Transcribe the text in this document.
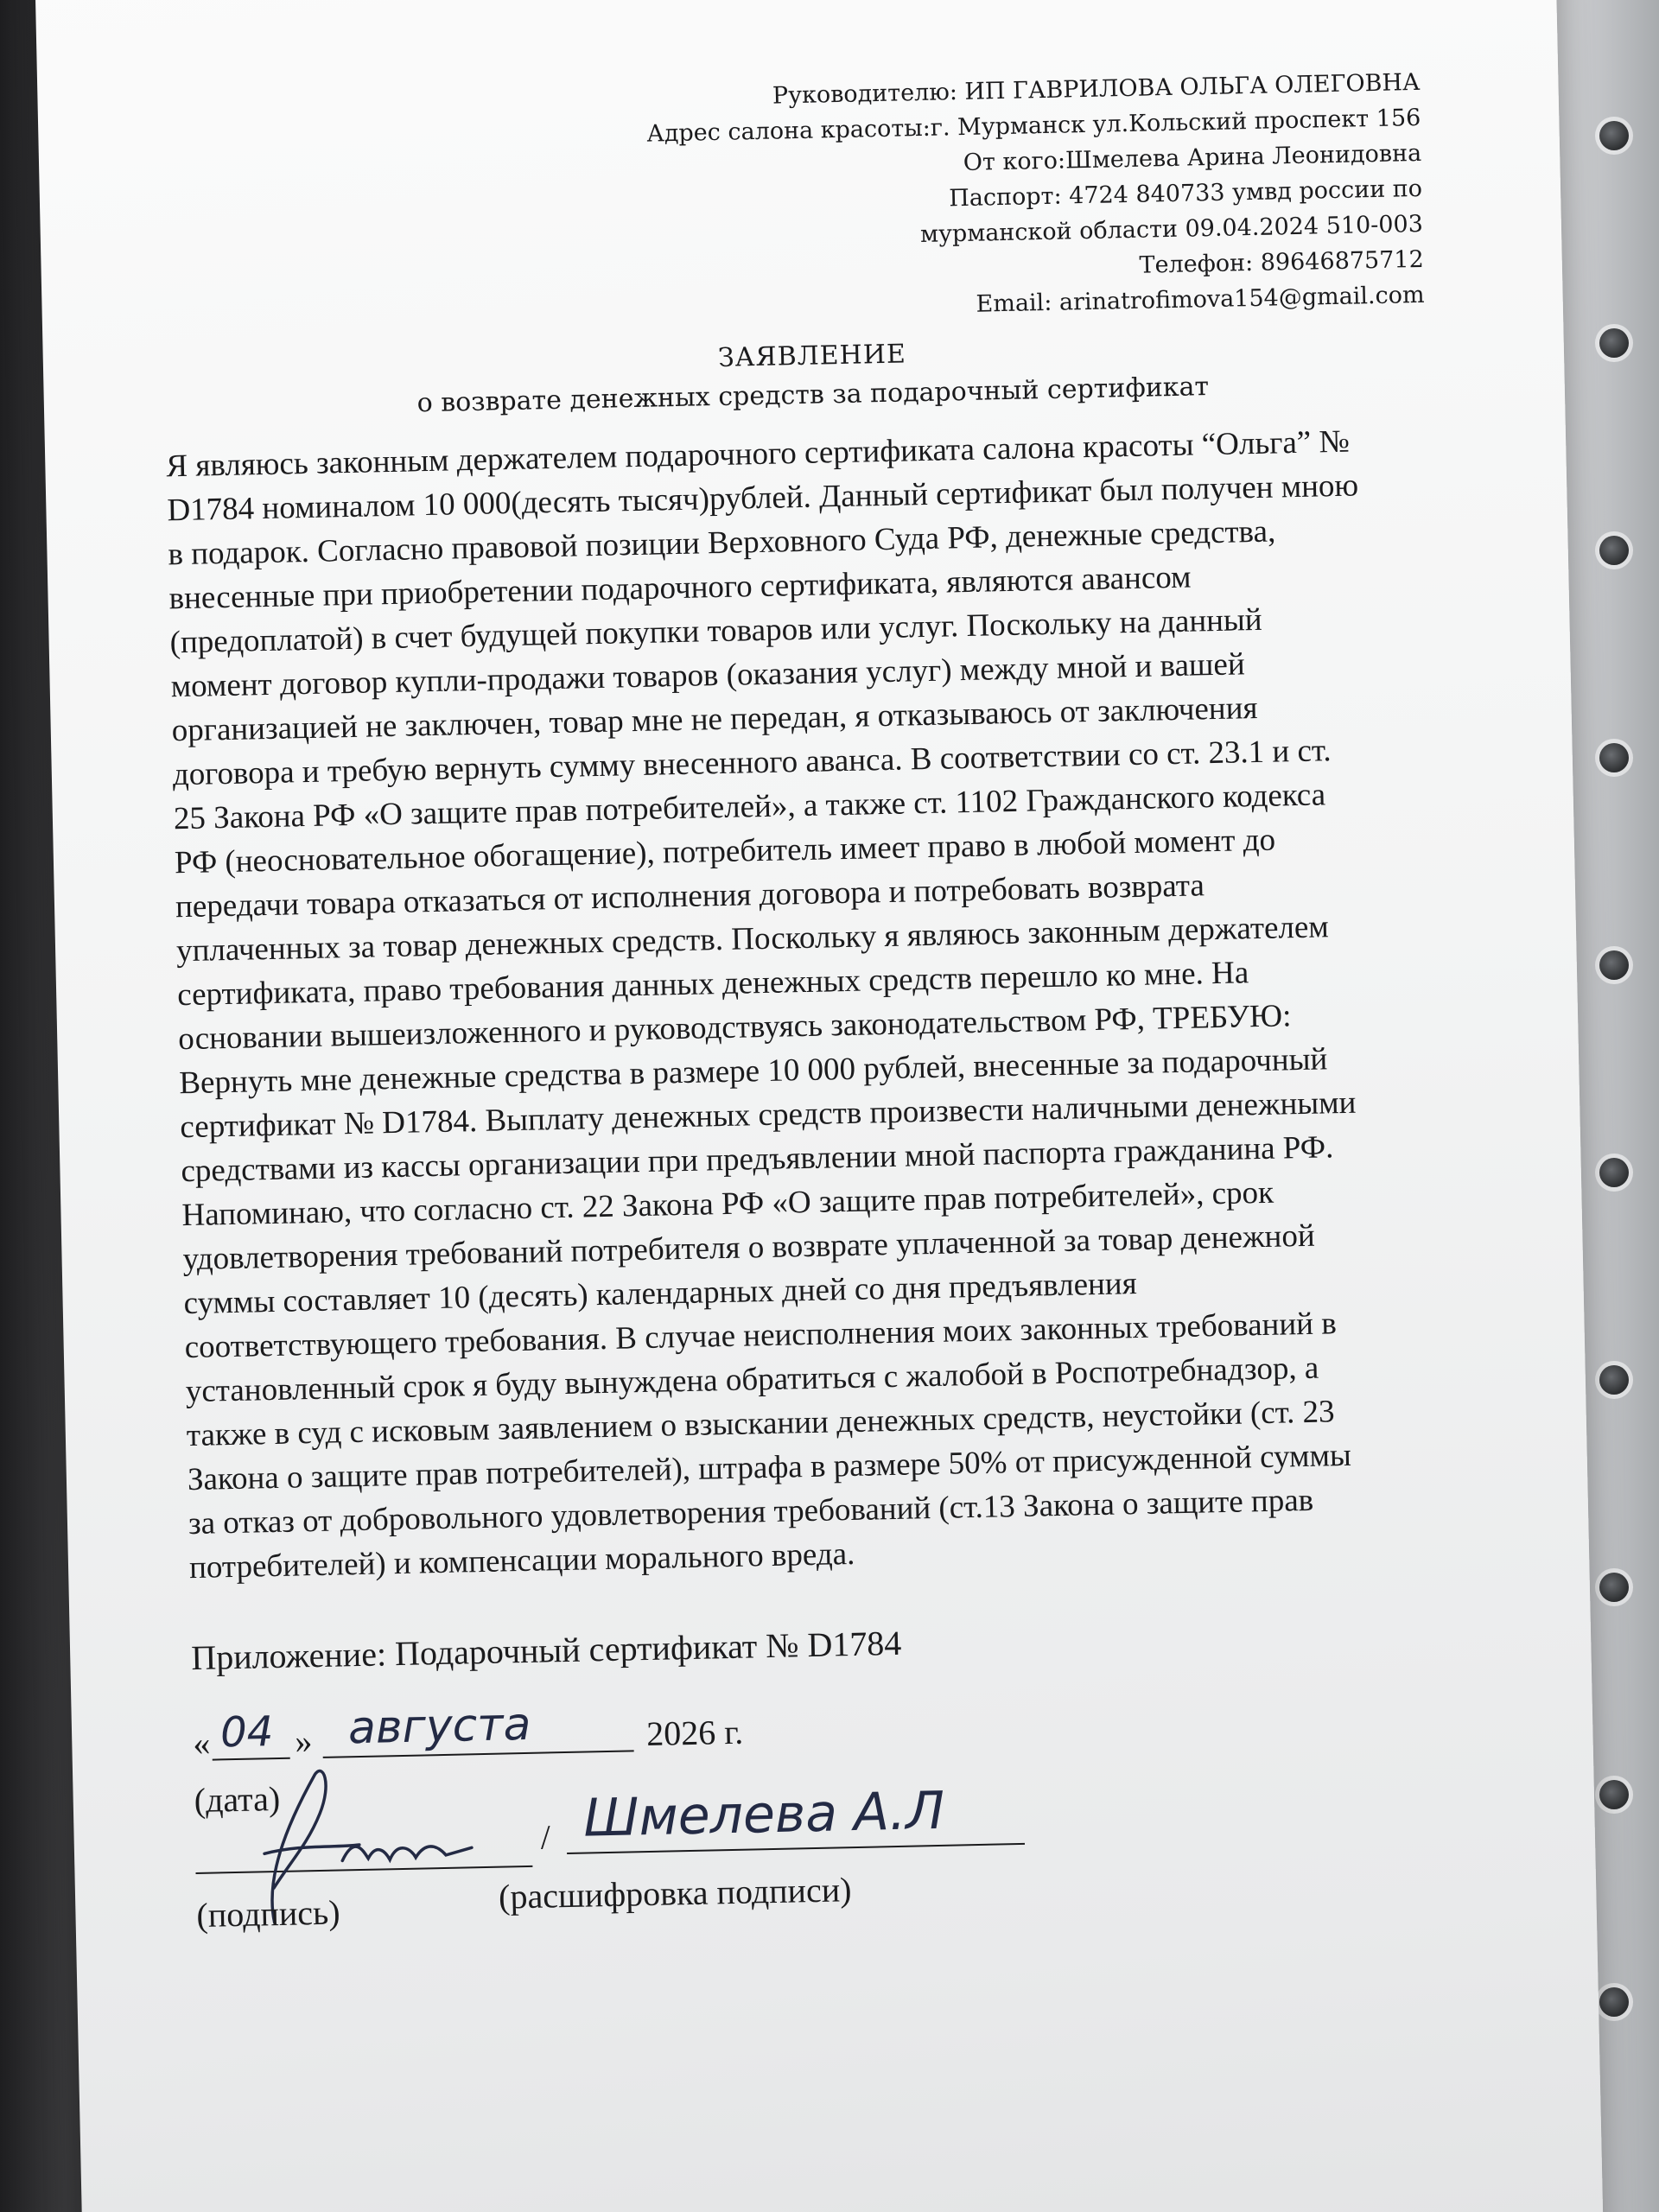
Руководителю: ИП ГАВРИЛОВА ОЛЬГА ОЛЕГОВНА
Адрес салона красоты:г. Мурманск ул.Кольский проспект 156
От кого:Шмелева Арина Леонидовна
Паспорт: 4724 840733 умвд россии по
мурманской области 09.04.2024 510-003
Телефон: 89646875712
Email: arinatrofimova154@gmail.com
ЗАЯВЛЕНИЕ
о возврате денежных средств за подарочный сертификат
Я являюсь законным держателем подарочного сертификата салона красоты “Ольга” №
D1784 номиналом 10 000(десять тысяч)рублей. Данный сертификат был получен мною
в подарок. Согласно правовой позиции Верховного Суда РФ, денежные средства,
внесенные при приобретении подарочного сертификата, являются авансом
(предоплатой) в счет будущей покупки товаров или услуг. Поскольку на данный
момент договор купли-продажи товаров (оказания услуг) между мной и вашей
организацией не заключен, товар мне не передан, я отказываюсь от заключения
договора и требую вернуть сумму внесенного аванса. В соответствии со ст. 23.1 и ст.
25 Закона РФ «О защите прав потребителей», а также ст. 1102 Гражданского кодекса
РФ (неосновательное обогащение), потребитель имеет право в любой момент до
передачи товара отказаться от исполнения договора и потребовать возврата
уплаченных за товар денежных средств. Поскольку я являюсь законным держателем
сертификата, право требования данных денежных средств перешло ко мне. На
основании вышеизложенного и руководствуясь законодательством РФ, ТРЕБУЮ:
Вернуть мне денежные средства в размере 10 000 рублей, внесенные за подарочный
сертификат № D1784. Выплату денежных средств произвести наличными денежными
средствами из кассы организации при предъявлении мной паспорта гражданина РФ.
Напоминаю, что согласно ст. 22 Закона РФ «О защите прав потребителей», срок
удовлетворения требований потребителя о возврате уплаченной за товар денежной
суммы составляет 10 (десять) календарных дней со дня предъявления
соответствующего требования. В случае неисполнения моих законных требований в
установленный срок я буду вынуждена обратиться с жалобой в Роспотребнадзор, а
также в суд с исковым заявлением о взыскании денежных средств, неустойки (ст. 23
Закона о защите прав потребителей), штрафа в размере 50% от присужденной суммы
за отказ от добровольного удовлетворения требований (ст.13 Закона о защите прав
потребителей) и компенсации морального вреда.
Приложение: Подарочный сертификат № D1784
« 04 » августа	2026 г.
(дата)
/ Шмелева А.Л
(подпись)	(расшифровка подписи)
